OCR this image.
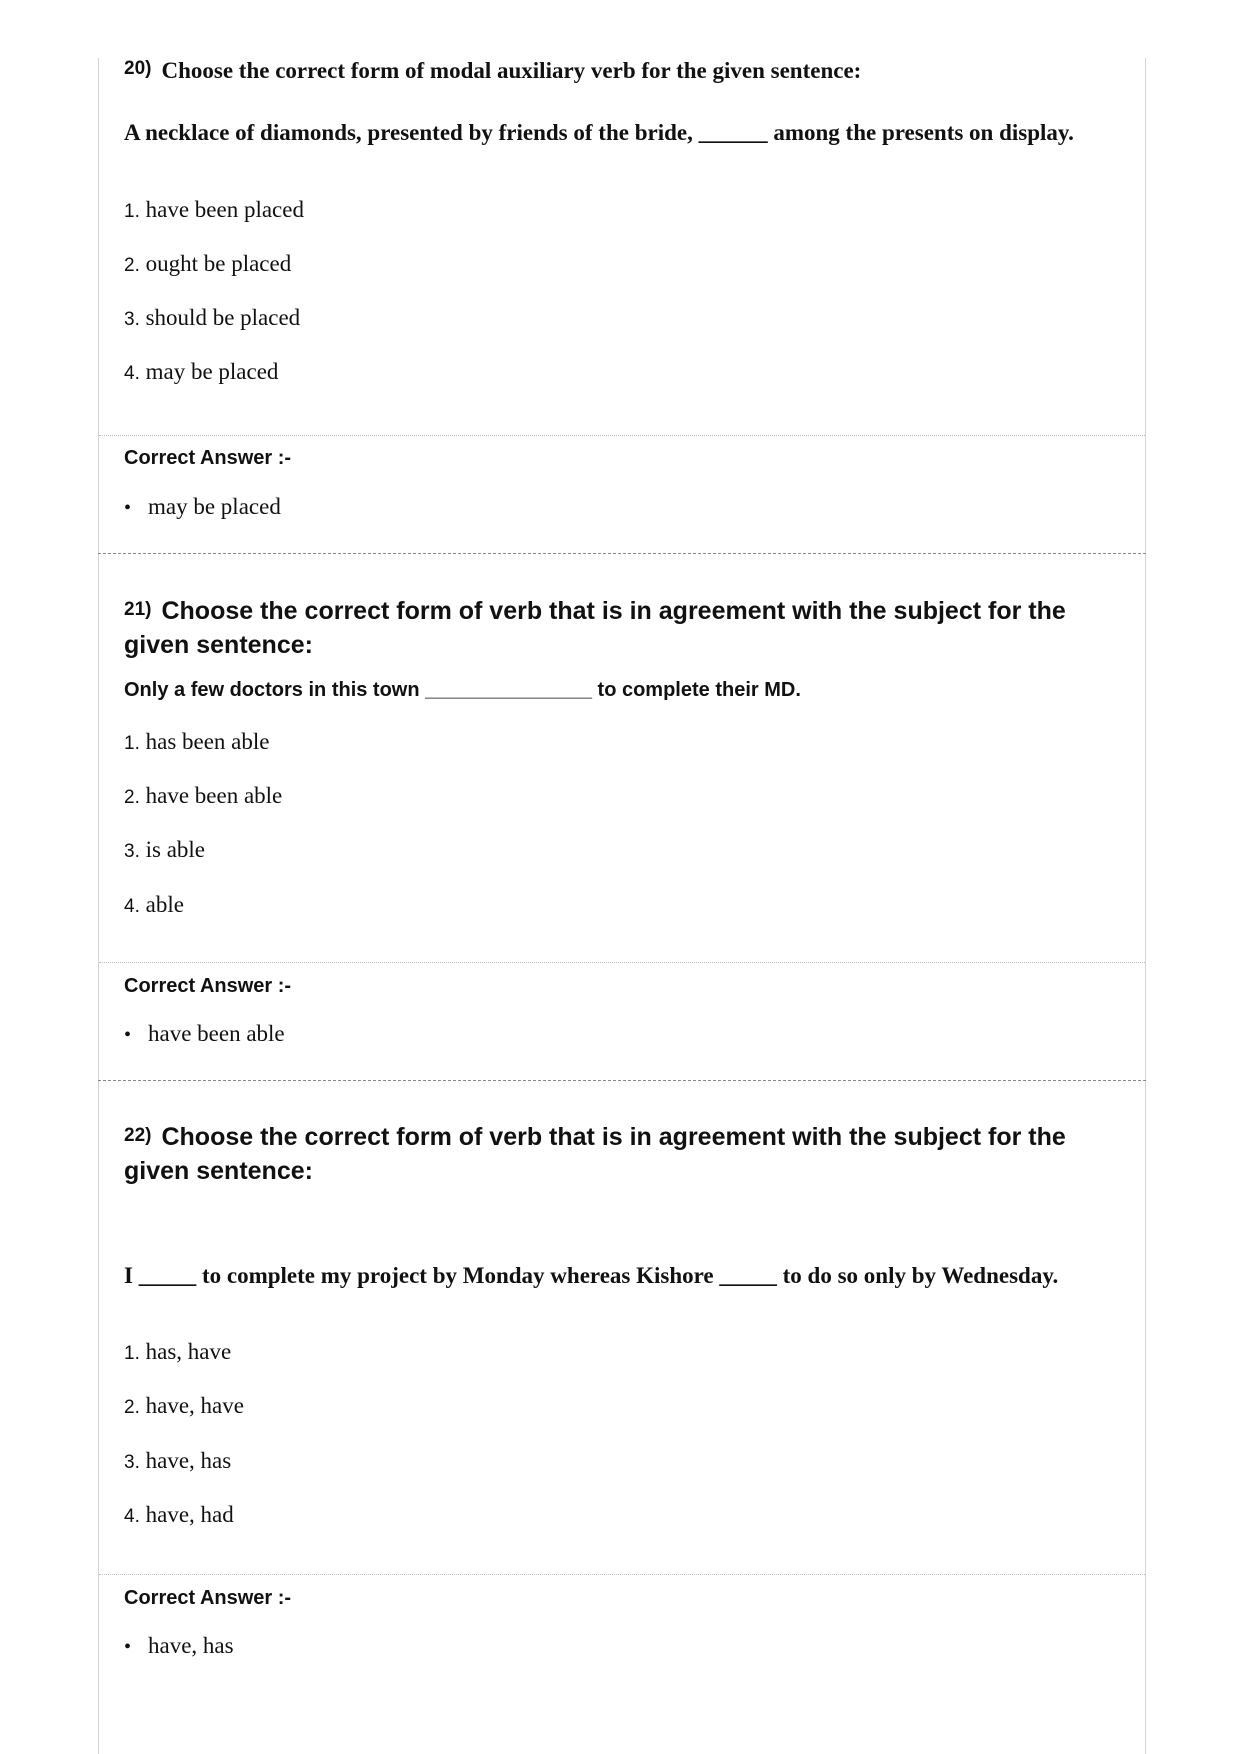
20) Choose the correct form of modal auxiliary verb for the given sentence:
A necklace of diamonds, presented by friends of the bride, ______ among the presents on display.
1. have been placed
2. ought be placed
3. should be placed
4. may be placed
Correct Answer :-
• may be placed
21) Choose the correct form of verb that is in agreement with the subject for the given sentence:
Only a few doctors in this town _______________ to complete their MD.
1. has been able
2. have been able
3. is able
4. able
Correct Answer :-
• have been able
22) Choose the correct form of verb that is in agreement with the subject for the given sentence:
I _____ to complete my project by Monday whereas Kishore _____ to do so only by Wednesday.
1. has, have
2. have, have
3. have, has
4. have, had
Correct Answer :-
• have, has
